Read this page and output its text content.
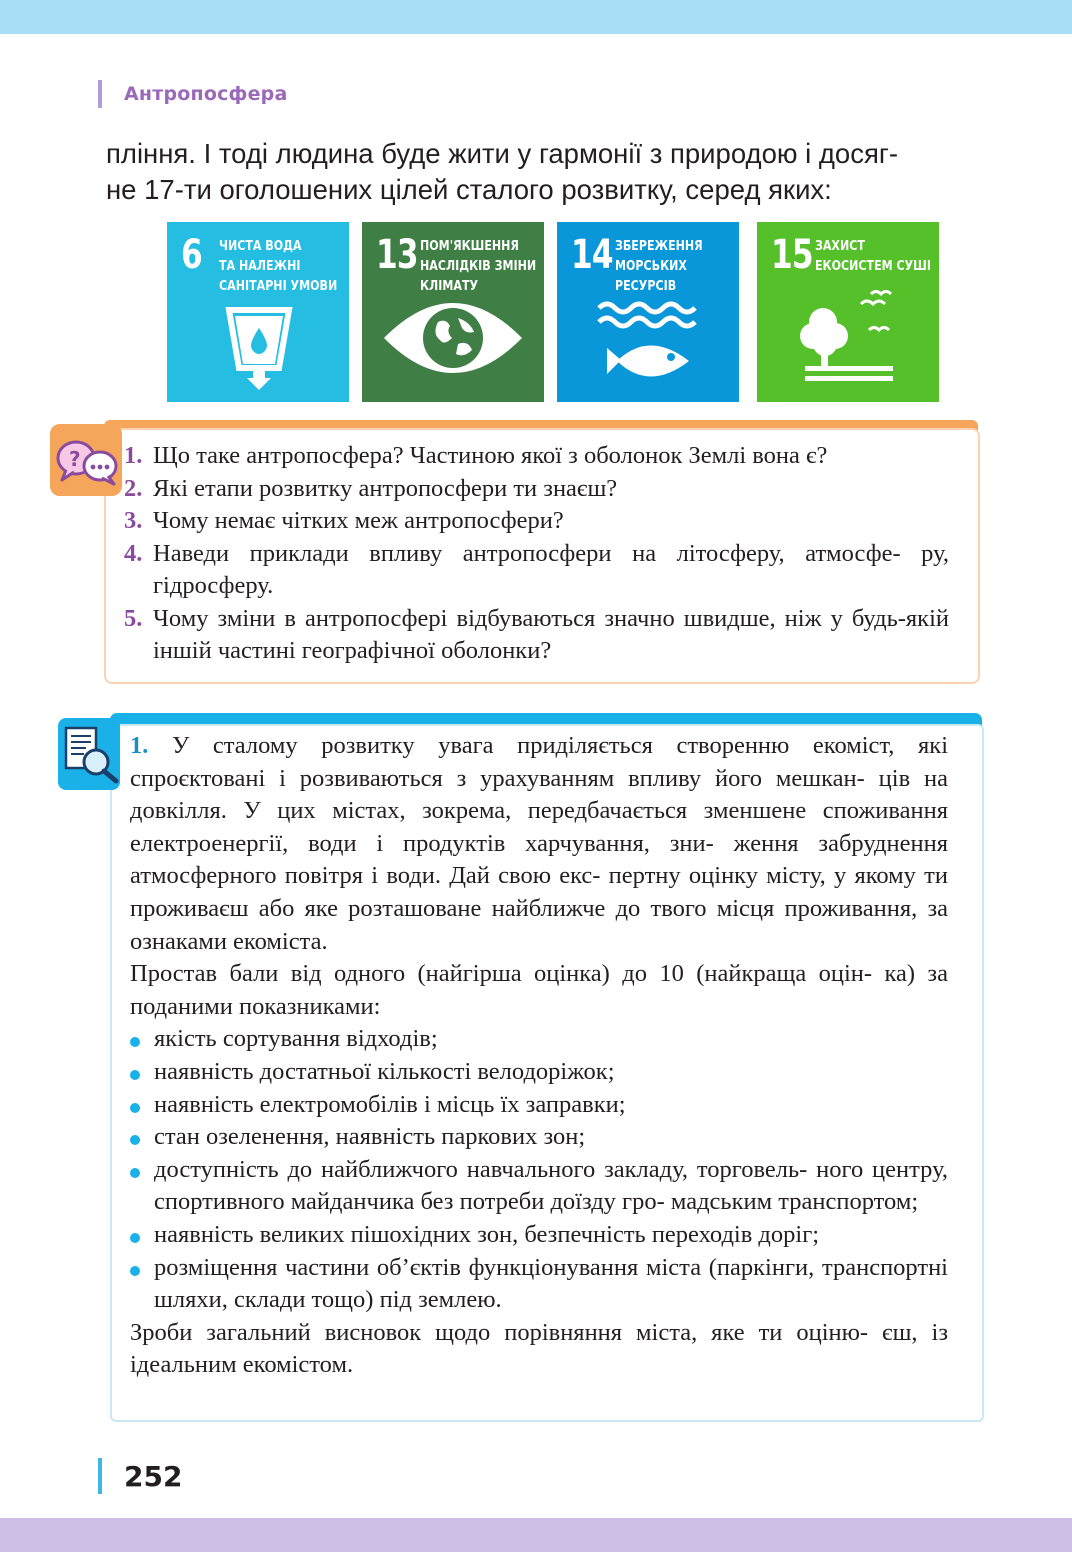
Антропосфера

пління. І тоді людина буде жити у гармонії з природою і досяг-

не 17-ти оголошених цілей сталого розвитку, серед яких:

6 ЧИСТА ВОДА
ТА НАЛЕЖНІ
САНІТАРНІ УМОВИ
13 ПОМ'ЯКШЕННЯ
НАСЛІДКІВ ЗМІНИ
КЛІМАТУ
14 ЗБЕРЕЖЕННЯ
МОРСЬКИХ
РЕСУРСІВ
15 ЗАХИСТ
ЕКОСИСТЕМ СУШІ
? 1. Що таке антропосфера? Частиною якої з оболонок Землі вона є?
2. Які етапи розвитку антропосфери ти знаєш?
3. Чому немає чітких меж антропосфери?
4. Наведи приклади впливу антропосфери на літосферу, атмосфе- ру, гідросферу.
5. Чому зміни в антропосфері відбуваються значно швидше, ніж у будь-якій іншій частині географічної оболонки?

1. У сталому розвитку увага приділяється створенню екоміст, які спроєктовані і розвиваються з урахуванням впливу його мешкан- ців на довкілля. У цих містах, зокрема, передбачається зменшене споживання електроенергії, води і продуктів харчування, зни- ження забруднення атмосферного повітря і води. Дай свою екс- пертну оцінку місту, у якому ти проживаєш або яке розташоване найближче до твого місця проживання, за ознаками екоміста.

Простав бали від одного (найгірша оцінка) до 10 (найкраща оцін- ка) за поданими показниками:

якість сортування відходів;
наявність достатньої кількості велодоріжок;
наявність електромобілів і місць їх заправки;
стан озеленення, наявність паркових зон;
доступність до найближчого навчального закладу, торговель- ного центру, спортивного майданчика без потреби доїзду гро- мадським транспортом;
наявність великих пішохідних зон, безпечність переходів доріг;
розміщення частини об’єктів функціонування міста (паркінги, транспортні шляхи, склади тощо) під землею.

Зроби загальний висновок щодо порівняння міста, яке ти оціню- єш, із ідеальним екомістом.

252
